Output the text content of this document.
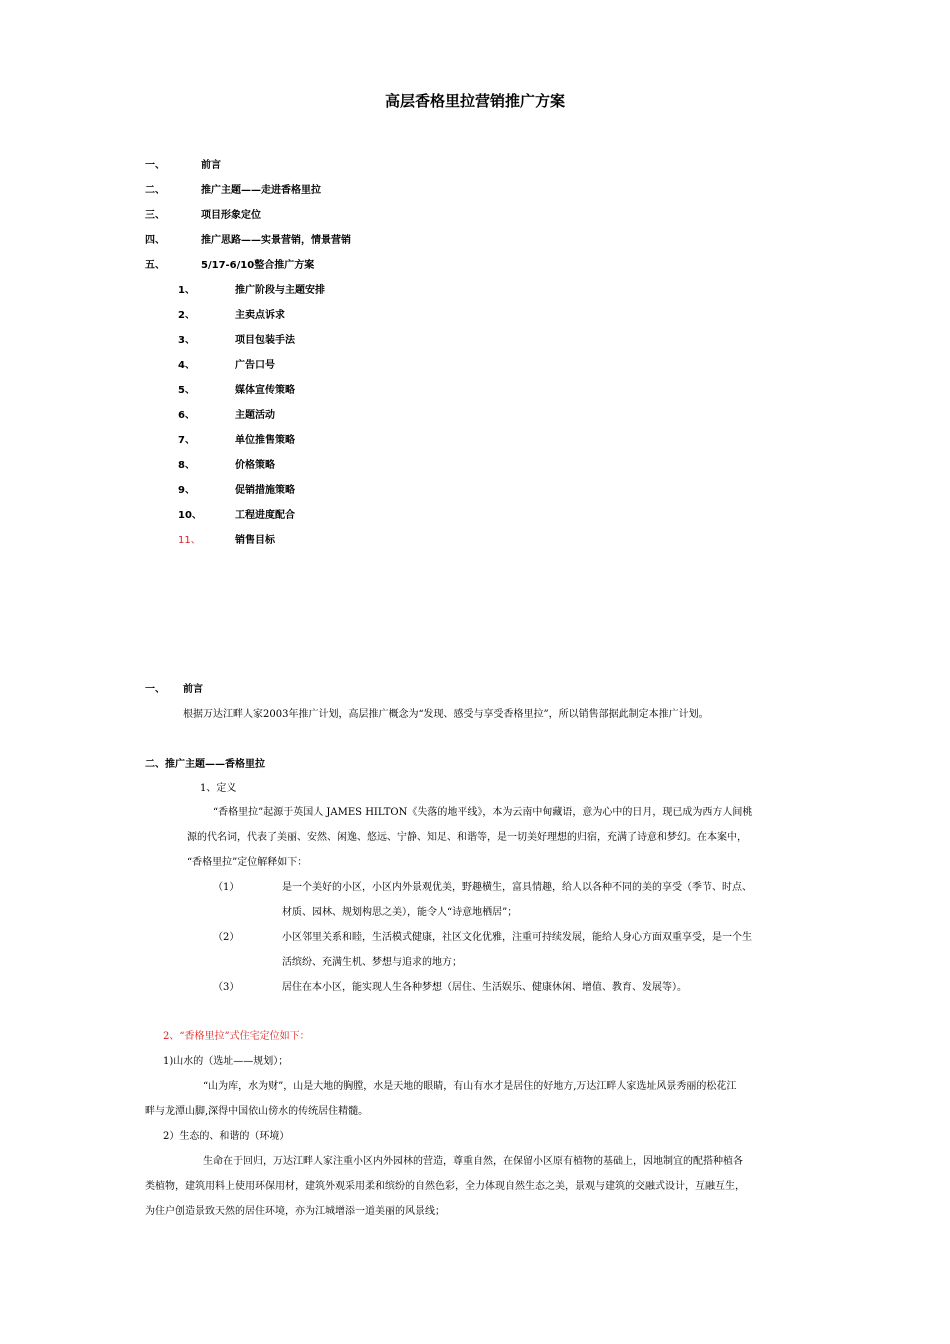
高层香格里拉营销推广方案
一、	前言
二、	推广主题——走进香格里拉
三、	项目形象定位
四、	推广思路——实景营销，情景营销
五、	5/17-6/10整合推广方案
1、	推广阶段与主题安排
2、	主卖点诉求
3、	项目包装手法
4、	广告口号
5、	媒体宣传策略
6、	主题活动
7、	单位推售策略
8、	价格策略
9、	促销措施策略
10、	工程进度配合
11、	销售目标
一、 前言
根据万达江畔人家2003年推广计划，高层推广概念为“发现、感受与享受香格里拉”，所以销售部据此制定本推广计划。
二、推广主题——香格里拉
1、定义
“香格里拉”起源于英国人 JAMES HILTON《失落的地平线》，本为云南中甸藏语，意为心中的日月，现已成为西方人间桃
源的代名词，代表了美丽、安然、闲逸、悠远、宁静、知足、和谐等，是一切美好理想的归宿，充满了诗意和梦幻。在本案中，
“香格里拉”定位解释如下：
（1）	是一个美好的小区，小区内外景观优美，野趣横生，富具情趣，给人以各种不同的美的享受（季节、时点、
材质、园林、规划构思之美），能令人“诗意地栖居”；
（2）	小区邻里关系和睦，生活模式健康，社区文化优雅，注重可持续发展，能给人身心方面双重享受，是一个生
活缤纷、充满生机、梦想与追求的地方；
（3）	居住在本小区，能实现人生各种梦想（居住、生活娱乐、健康休闲、增值、教育、发展等）。
2、“香格里拉”式住宅定位如下：
1)山水的（选址——规划）；
“山为库，水为财”，山是大地的胸膛，水是天地的眼睛，有山有水才是居住的好地方,万达江畔人家选址风景秀丽的松花江
畔与龙潭山脚,深得中国依山傍水的传统居住精髓。
2）生态的、和谐的（环境）
生命在于回归，万达江畔人家注重小区内外园林的营造，尊重自然，在保留小区原有植物的基础上，因地制宜的配搭种植各
类植物，建筑用料上使用环保用材，建筑外观采用柔和缤纷的自然色彩，全力体现自然生态之美，景观与建筑的交融式设计，互融互生，
为住户创造景致天然的居住环境，亦为江城增添一道美丽的风景线；
